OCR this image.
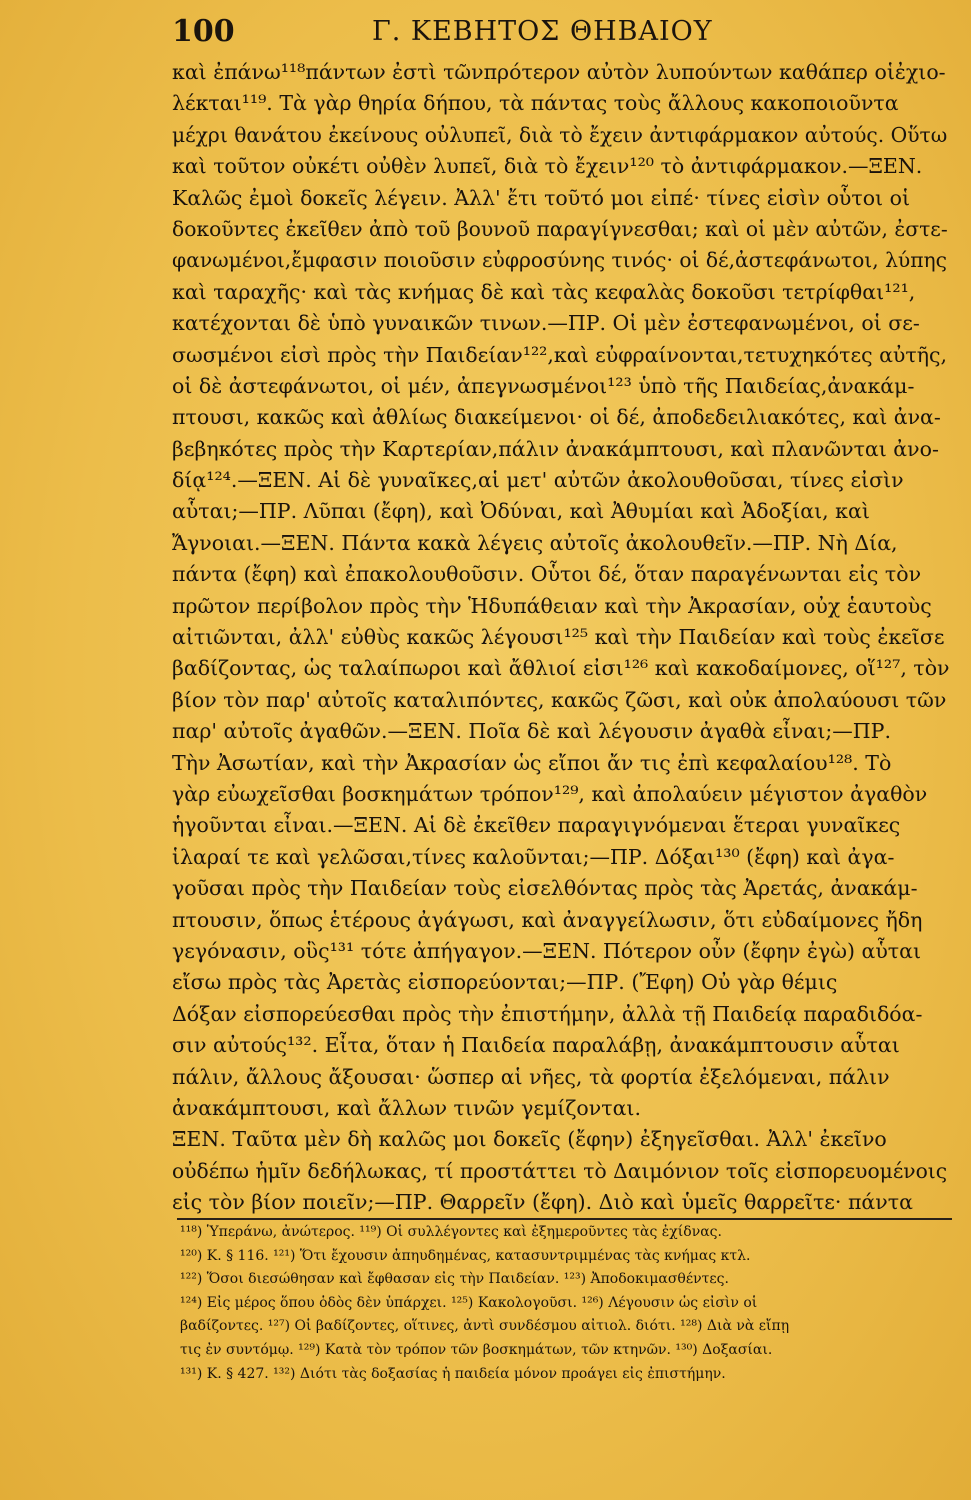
100	Γ. ΚΕΒΗΤΟΣ ΘΗΒΑΙΟΥ
καὶ ἐπάνω¹¹⁸πάντων ἐστὶ τῶνπρότερον αὐτὸν λυπούντων καθάπερ οἱἐχιο-
λέκται¹¹⁹. Τὰ γὰρ θηρία δήπου, τὰ πάντας τοὺς ἄλλους κακοποιοῦντα
μέχρι θανάτου ἐκείνους οὐλυπεῖ, διὰ τὸ ἔχειν ἀντιφάρμακον αὐτούς. Οὕτω
καὶ τοῦτον οὐκέτι οὐθὲν λυπεῖ, διὰ τὸ ἔχειν¹²⁰ τὸ ἀντιφάρμακον.—ΞΕΝ.
Καλῶς ἐμοὶ δοκεῖς λέγειν. Ἀλλ' ἔτι τοῦτό μοι εἰπέ· τίνες εἰσὶν οὗτοι οἱ
δοκοῦντες ἐκεῖθεν ἀπὸ τοῦ βουνοῦ παραγίγνεσθαι; καὶ οἱ μὲν αὐτῶν, ἐστε-
φανωμένοι,ἔμφασιν ποιοῦσιν εὐφροσύνης τινός· οἱ δέ,ἀστεφάνωτοι, λύπης
καὶ ταραχῆς· καὶ τὰς κνήμας δὲ καὶ τὰς κεφαλὰς δοκοῦσι τετρίφθαι¹²¹,
κατέχονται δὲ ὑπὸ γυναικῶν τινων.—ΠΡ. Οἱ μὲν ἐστεφανωμένοι, οἱ σε-
σωσμένοι εἰσὶ πρὸς τὴν Παιδείαν¹²²,καὶ εὐφραίνονται,τετυχηκότες αὐτῆς,
οἱ δὲ ἀστεφάνωτοι, οἱ μέν, ἀπεγνωσμένοι¹²³ ὑπὸ τῆς Παιδείας,ἀνακάμ-
πτουσι, κακῶς καὶ ἀθλίως διακείμενοι· οἱ δέ, ἀποδεδειλιακότες, καὶ ἀνα-
βεβηκότες πρὸς τὴν Καρτερίαν,πάλιν ἀνακάμπτουσι, καὶ πλανῶνται ἀνο-
δίᾳ¹²⁴.—ΞΕΝ. Αἱ δὲ γυναῖκες,αἱ μετ' αὐτῶν ἀκολουθοῦσαι, τίνες εἰσὶν
αὗται;—ΠΡ. Λῦπαι (ἔφη), καὶ Ὀδύναι, καὶ Ἀθυμίαι καὶ Ἀδοξίαι, καὶ
Ἄγνοιαι.—ΞΕΝ. Πάντα κακὰ λέγεις αὐτοῖς ἀκολουθεῖν.—ΠΡ. Νὴ Δία,
πάντα (ἔφη) καὶ ἐπακολουθοῦσιν. Οὗτοι δέ, ὅταν παραγένωνται εἰς τὸν
πρῶτον περίβολον πρὸς τὴν Ἡδυπάθειαν καὶ τὴν Ἀκρασίαν, οὐχ ἑαυτοὺς
αἰτιῶνται, ἀλλ' εὐθὺς κακῶς λέγουσι¹²⁵ καὶ τὴν Παιδείαν καὶ τοὺς ἐκεῖσε
βαδίζοντας, ὡς ταλαίπωροι καὶ ἄθλιοί εἰσι¹²⁶ καὶ κακοδαίμονες, οἵ¹²⁷, τὸν
βίον τὸν παρ' αὐτοῖς καταλιπόντες, κακῶς ζῶσι, καὶ οὐκ ἀπολαύουσι τῶν
παρ' αὐτοῖς ἀγαθῶν.—ΞΕΝ. Ποῖα δὲ καὶ λέγουσιν ἀγαθὰ εἶναι;—ΠΡ.
Τὴν Ἀσωτίαν, καὶ τὴν Ἀκρασίαν ὡς εἴποι ἄν τις ἐπὶ κεφαλαίου¹²⁸. Τὸ
γὰρ εὐωχεῖσθαι βοσκημάτων τρόπον¹²⁹, καὶ ἀπολαύειν μέγιστον ἀγαθὸν
ἡγοῦνται εἶναι.—ΞΕΝ. Αἱ δὲ ἐκεῖθεν παραγιγνόμεναι ἕτεραι γυναῖκες
ἱλαραί τε καὶ γελῶσαι,τίνες καλοῦνται;—ΠΡ. Δόξαι¹³⁰ (ἔφη) καὶ ἀγα-
γοῦσαι πρὸς τὴν Παιδείαν τοὺς εἰσελθόντας πρὸς τὰς Ἀρετάς, ἀνακάμ-
πτουσιν, ὅπως ἑτέρους ἀγάγωσι, καὶ ἀναγγείλωσιν, ὅτι εὐδαίμονες ἤδη
γεγόνασιν, οὓς¹³¹ τότε ἀπήγαγον.—ΞΕΝ. Πότερον οὖν (ἔφην ἐγὼ) αὗται
εἴσω πρὸς τὰς Ἀρετὰς εἰσπορεύονται;—ΠΡ. (Ἔφη) Οὐ γὰρ θέμις
Δόξαν εἰσπορεύεσθαι πρὸς τὴν ἐπιστήμην, ἀλλὰ τῇ Παιδείᾳ παραδιδόα-
σιν αὐτούς¹³². Εἶτα, ὅταν ἡ Παιδεία παραλάβῃ, ἀνακάμπτουσιν αὗται
πάλιν, ἄλλους ἄξουσαι· ὥσπερ αἱ νῆες, τὰ φορτία ἐξελόμεναι, πάλιν
ἀνακάμπτουσι, καὶ ἄλλων τινῶν γεμίζονται.
ΞΕΝ. Ταῦτα μὲν δὴ καλῶς μοι δοκεῖς (ἔφην) ἐξηγεῖσθαι. Ἀλλ' ἐκεῖνο
οὐδέπω ἡμῖν δεδήλωκας, τί προστάττει τὸ Δαιμόνιον τοῖς εἰσπορευομένοις
εἰς τὸν βίον ποιεῖν;—ΠΡ. Θαρρεῖν (ἔφη). Διὸ καὶ ὑμεῖς θαρρεῖτε· πάντα
¹¹⁸) Ὑπεράνω, ἀνώτερος. ¹¹⁹) Οἱ συλλέγοντες καὶ ἐξημεροῦντες τὰς ἐχίδνας.
¹²⁰) Κ. § 116. ¹²¹) Ὅτι ἔχουσιν ἀπηυδημένας, κατασυντριμμένας τὰς κνήμας κτλ.
¹²²) Ὅσοι διεσώθησαν καὶ ἔφθασαν εἰς τὴν Παιδείαν. ¹²³) Ἀποδοκιμασθέντες.
¹²⁴) Εἰς μέρος ὅπου ὁδὸς δὲν ὑπάρχει. ¹²⁵) Κακολογοῦσι. ¹²⁶) Λέγουσιν ὡς εἰσὶν οἱ
βαδίζοντες. ¹²⁷) Οἱ βαδίζοντες, οἵτινες, ἀντὶ συνδέσμου αἰτιολ. διότι. ¹²⁸) Διὰ νὰ εἴπῃ
τις ἐν συντόμῳ. ¹²⁹) Κατὰ τὸν τρόπον τῶν βοσκημάτων, τῶν κτηνῶν. ¹³⁰) Δοξασίαι.
¹³¹) Κ. § 427. ¹³²) Διότι τὰς δοξασίας ἡ παιδεία μόνον προάγει εἰς ἐπιστήμην.
